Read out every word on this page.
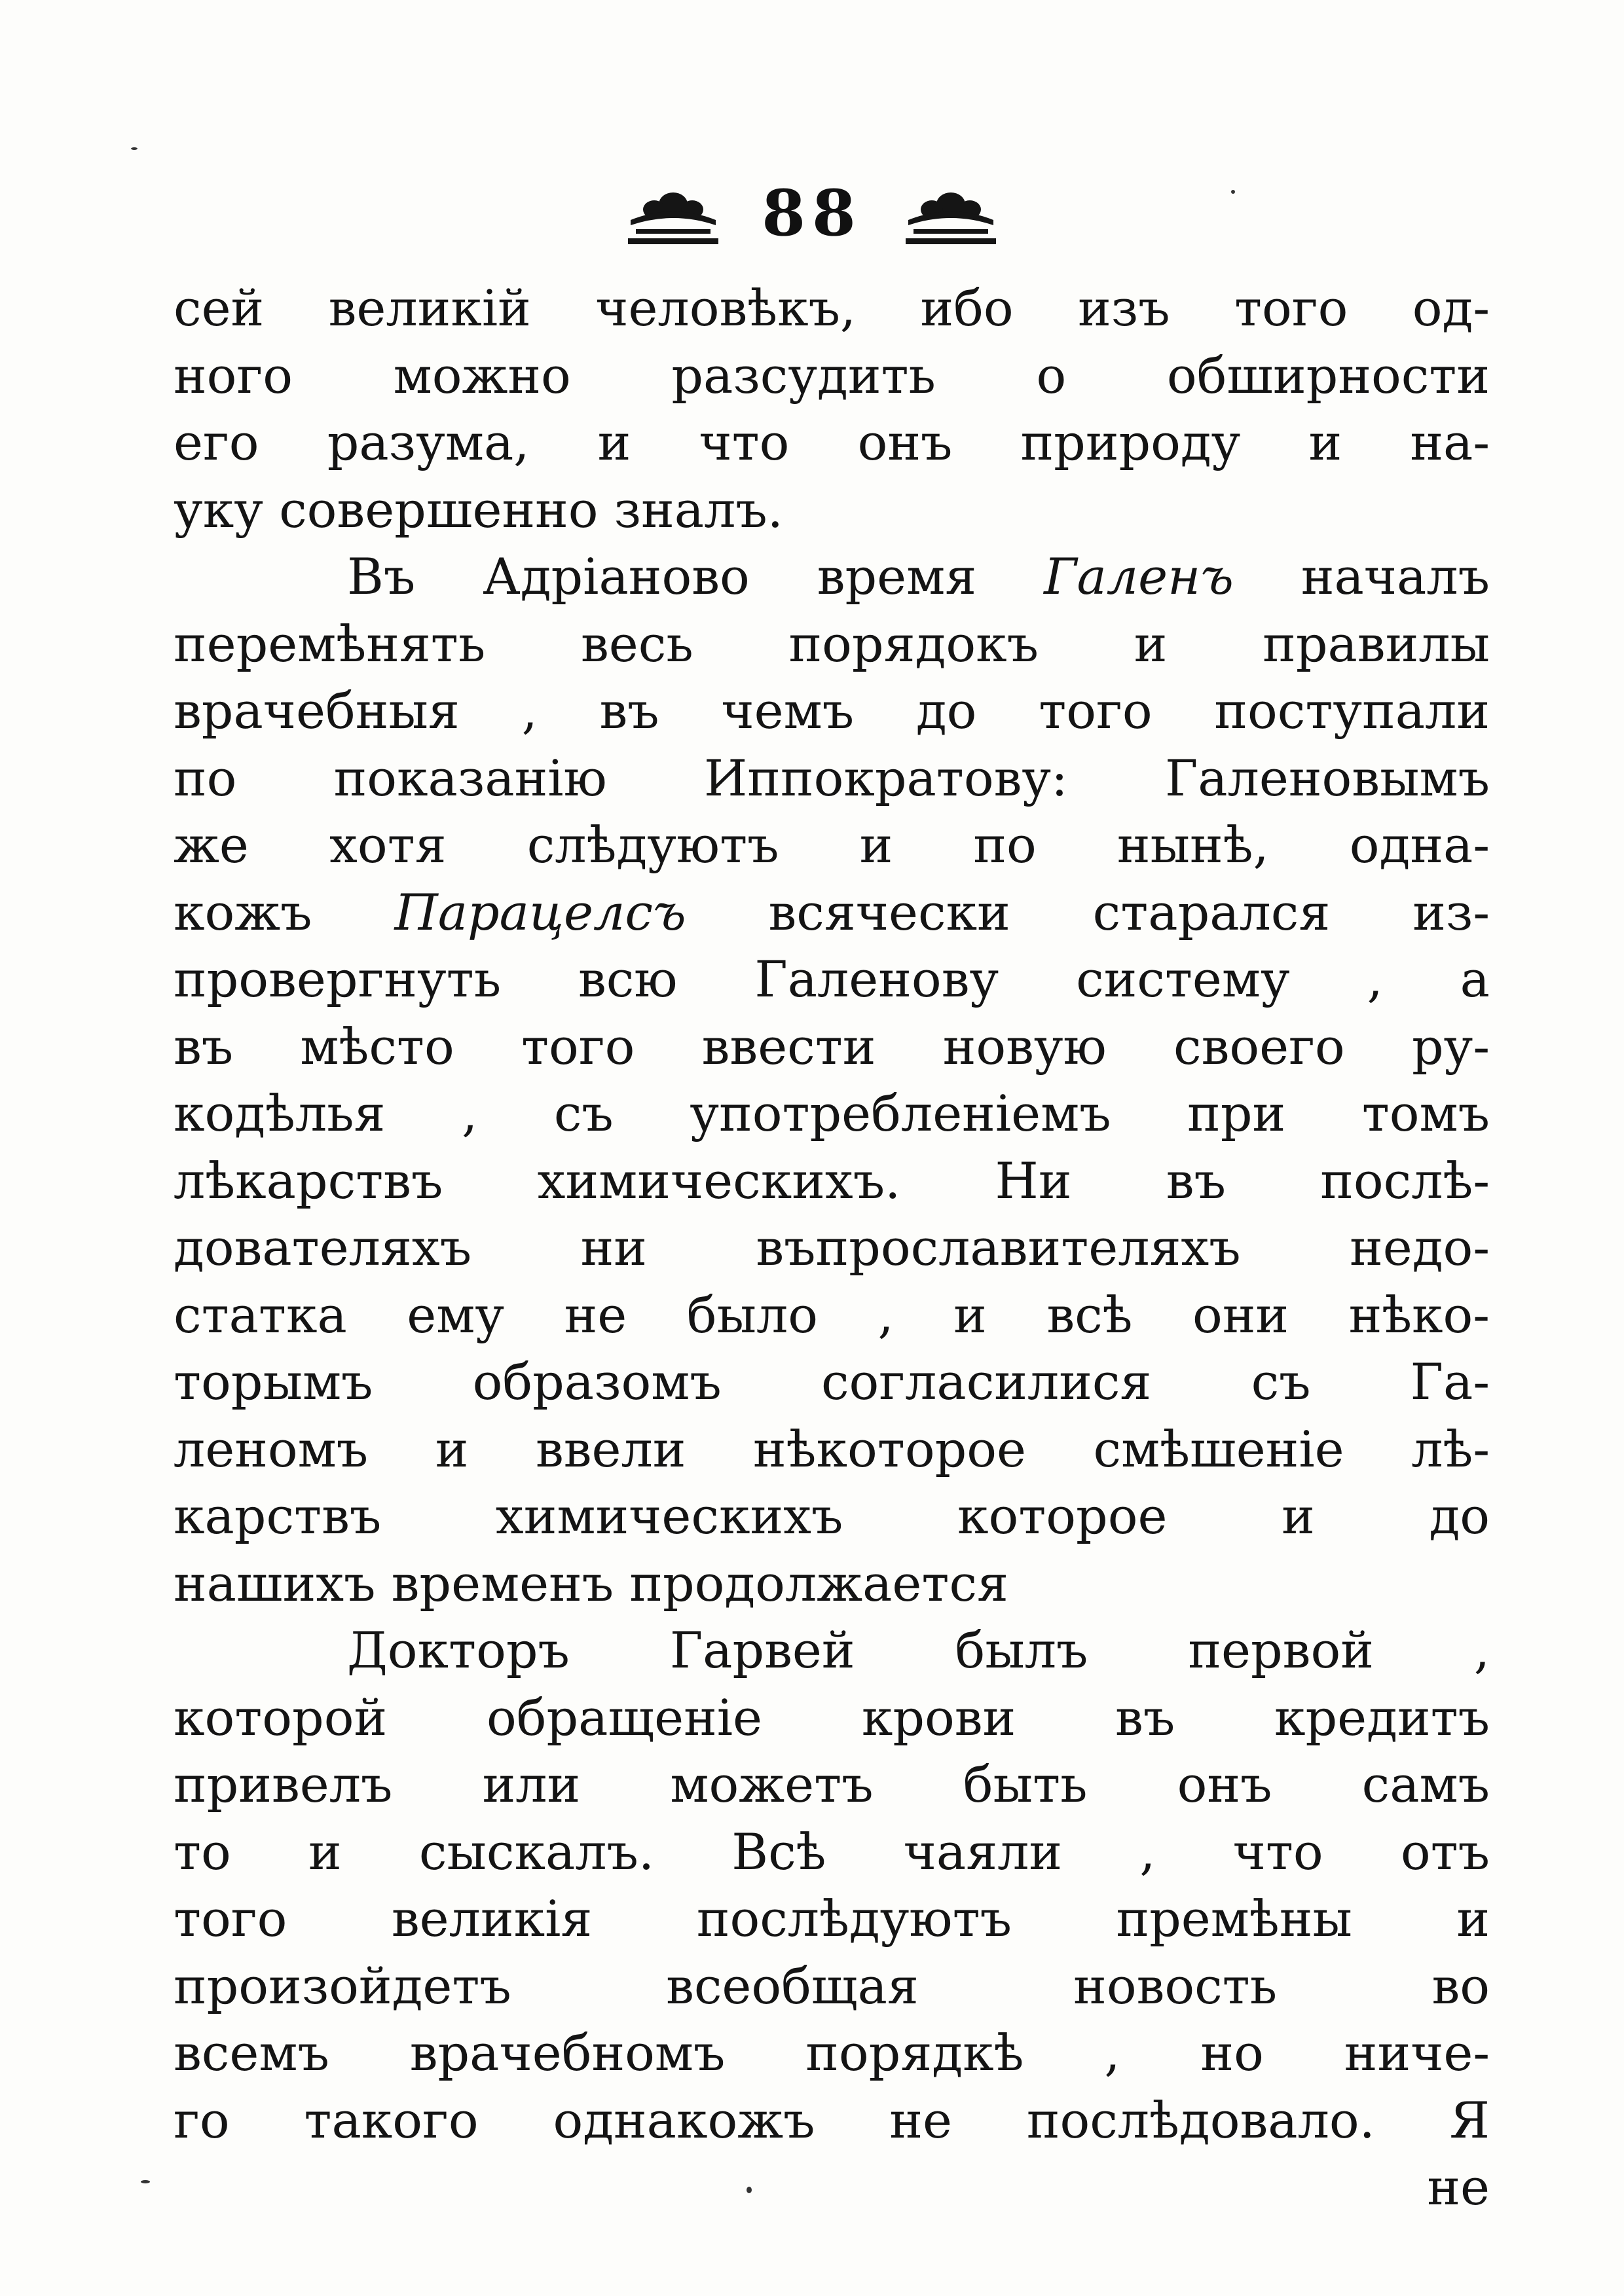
88
сей великій человѣкъ, ибо изъ того од-
ного можно разсудить о обширности
его разума, и что онъ природу и на-
уку совершенно зналъ.
Въ Адріаново время Галенъ началъ
перемѣнять весь порядокъ и правилы
врачебныя , въ чемъ до того поступали
по показанію Иппократову: Галеновымъ
же хотя слѣдуютъ и по нынѣ, одна-
кожъ Парацелсъ всячески старался из-
провергнуть всю Галенову систему , а
въ мѣсто того ввести новую своего ру-
кодѣлья , съ употребленіемъ при томъ
лѣкарствъ химическихъ. Ни въ послѣ-
дователяхъ ни въпрославителяхъ недо-
статка ему не было , и всѣ они нѣко-
торымъ образомъ согласилися съ Га-
леномъ и ввели нѣкоторое смѣшеніе лѣ-
карствъ химическихъ которое и до
нашихъ временъ продолжается
Докторъ Гарвей былъ первой ,
которой обращеніе крови въ кредитъ
привелъ или можетъ быть онъ самъ
то и сыскалъ. Всѣ чаяли , что отъ
того великія послѣдуютъ премѣны и
произойдетъ всеобщая новость во
всемъ врачебномъ порядкѣ , но ниче-
го такого однакожъ не послѣдовало. Я
не
